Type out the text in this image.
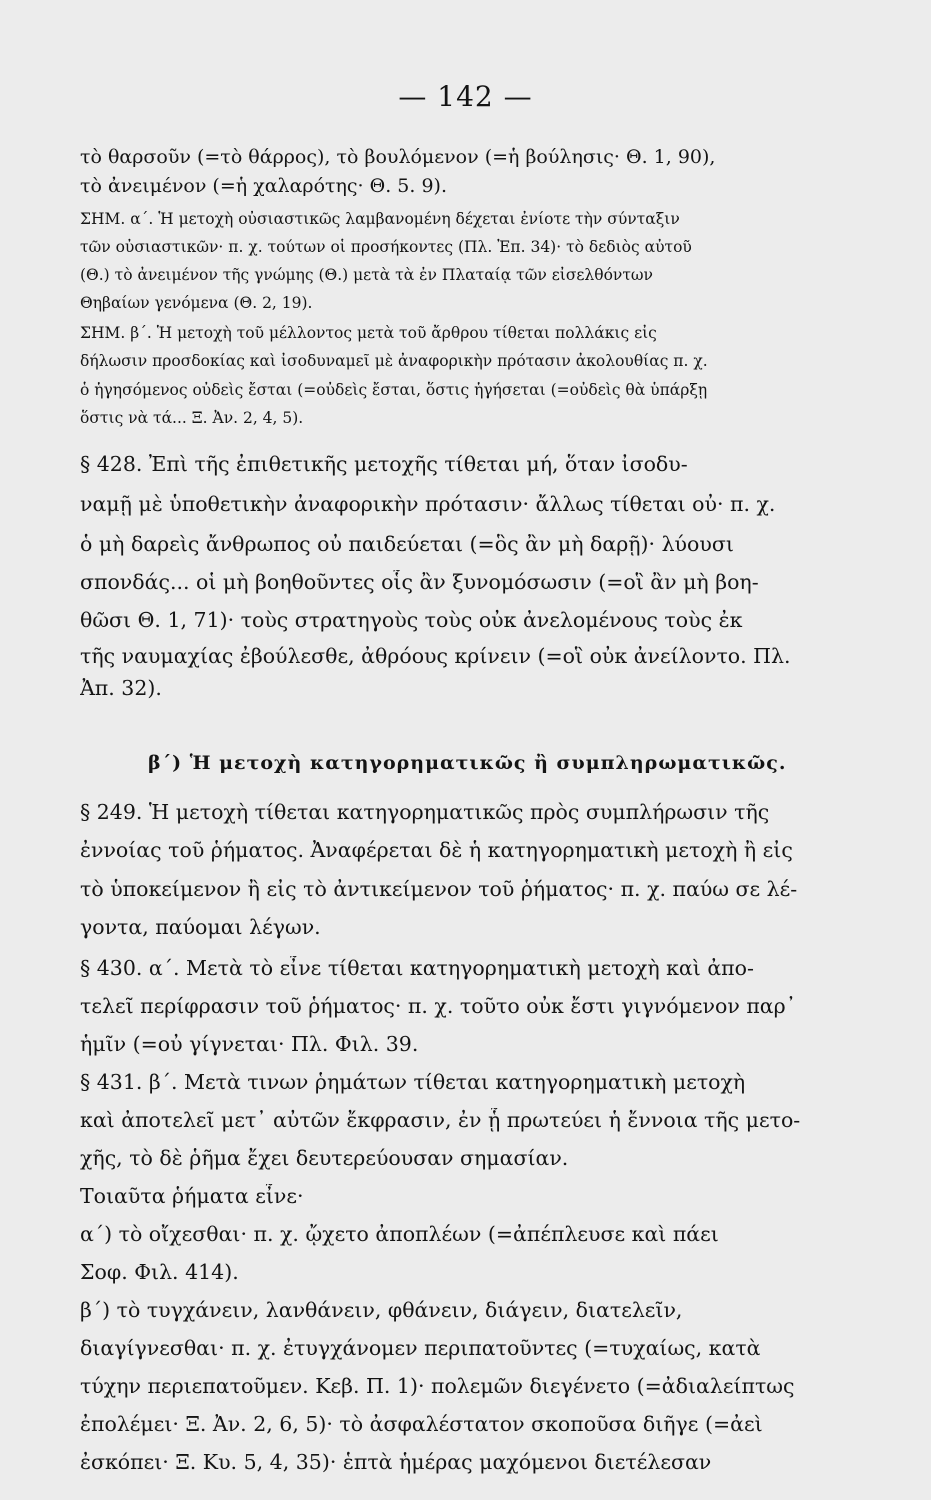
— 142 —
τὸ θαρσοῦν (=τὸ θάρρος), τὸ βουλόμενον (=ἡ βούλησις· Θ. 1, 90),
τὸ ἀνειμένον (=ἡ χαλαρότης· Θ. 5. 9).
ΣΗΜ. α΄. Ἡ μετοχὴ οὐσιαστικῶς λαμβανομένη δέχεται ἐνίοτε τὴν σύνταξιν
τῶν οὐσιαστικῶν· π. χ. τούτων οἱ προσήκοντες (Πλ. Ἐπ. 34)· τὸ δεδιὸς αὐτοῦ
(Θ.) τὸ ἀνειμένον τῆς γνώμης (Θ.) μετὰ τὰ ἐν Πλαταίᾳ τῶν εἰσελθόντων
Θηβαίων γενόμενα (Θ. 2, 19).
ΣΗΜ. β΄. Ἡ μετοχὴ τοῦ μέλλοντος μετὰ τοῦ ἄρθρου τίθεται πολλάκις εἰς
δήλωσιν προσδοκίας καὶ ἰσοδυναμεῖ μὲ ἀναφορικὴν πρότασιν ἀκολουθίας π. χ.
ὁ ἡγησόμενος οὐδεὶς ἔσται (=οὐδεὶς ἔσται, ὅστις ἡγήσεται (=οὐδεὶς θὰ ὑπάρξῃ
ὅστις νὰ τά... Ξ. Ἀν. 2, 4, 5).
§ 428. Ἐπὶ τῆς ἐπιθετικῆς μετοχῆς τίθεται μή, ὅταν ἰσοδυ-
ναμῇ μὲ ὑποθετικὴν ἀναφορικὴν πρότασιν· ἄλλως τίθεται οὐ· π. χ.
ὁ μὴ δαρεὶς ἄνθρωπος οὐ παιδεύεται (=ὃς ἂν μὴ δαρῇ)· λύουσι
σπονδάς... οἱ μὴ βοηθοῦντες οἷς ἂν ξυνομόσωσιν (=οἳ ἂν μὴ βοη-
θῶσι Θ. 1, 71)· τοὺς στρατηγοὺς τοὺς οὐκ ἀνελομένους τοὺς ἐκ
τῆς ναυμαχίας ἐβούλεσθε, ἀθρόους κρίνειν (=οἳ οὐκ ἀνείλοντο. Πλ.
Ἀπ. 32).
β΄) Ἡ μετοχὴ κατηγορηματικῶς ἢ συμπληρωματικῶς.
§ 249. Ἡ μετοχὴ τίθεται κατηγορηματικῶς πρὸς συμπλήρωσιν τῆς
ἐννοίας τοῦ ῥήματος. Ἀναφέρεται δὲ ἡ κατηγορηματικὴ μετοχὴ ἢ εἰς
τὸ ὑποκείμενον ἢ εἰς τὸ ἀντικείμενον τοῦ ῥήματος· π. χ. παύω σε λέ-
γοντα, παύομαι λέγων.
§ 430. α΄. Μετὰ τὸ εἶνε τίθεται κατηγορηματικὴ μετοχὴ καὶ ἀπο-
τελεῖ περίφρασιν τοῦ ῥήματος· π. χ. τοῦτο οὐκ ἔστι γιγνόμενον παρ᾽
ἡμῖν (=οὐ γίγνεται· Πλ. Φιλ. 39.
§ 431. β΄. Μετὰ τινων ῥημάτων τίθεται κατηγορηματικὴ μετοχὴ
καὶ ἀποτελεῖ μετ᾽ αὐτῶν ἔκφρασιν, ἐν ᾗ πρωτεύει ἡ ἔννοια τῆς μετο-
χῆς, τὸ δὲ ῥῆμα ἔχει δευτερεύουσαν σημασίαν.
Τοιαῦτα ῥήματα εἶνε·
α΄) τὸ οἴχεσθαι· π. χ. ᾤχετο ἀποπλέων (=ἀπέπλευσε καὶ πάει
Σοφ. Φιλ. 414).
β΄) τὸ τυγχάνειν, λανθάνειν, φθάνειν, διάγειν, διατελεῖν,
διαγίγνεσθαι· π. χ. ἐτυγχάνομεν περιπατοῦντες (=τυχαίως, κατὰ
τύχην περιεπατοῦμεν. Κεβ. Π. 1)· πολεμῶν διεγένετο (=ἀδιαλείπτως
ἐπολέμει· Ξ. Ἀν. 2, 6, 5)· τὸ ἀσφαλέστατον σκοποῦσα διῆγε (=ἀεὶ
ἐσκόπει· Ξ. Κυ. 5, 4, 35)· ἑπτὰ ἡμέρας μαχόμενοι διετέλεσαν
